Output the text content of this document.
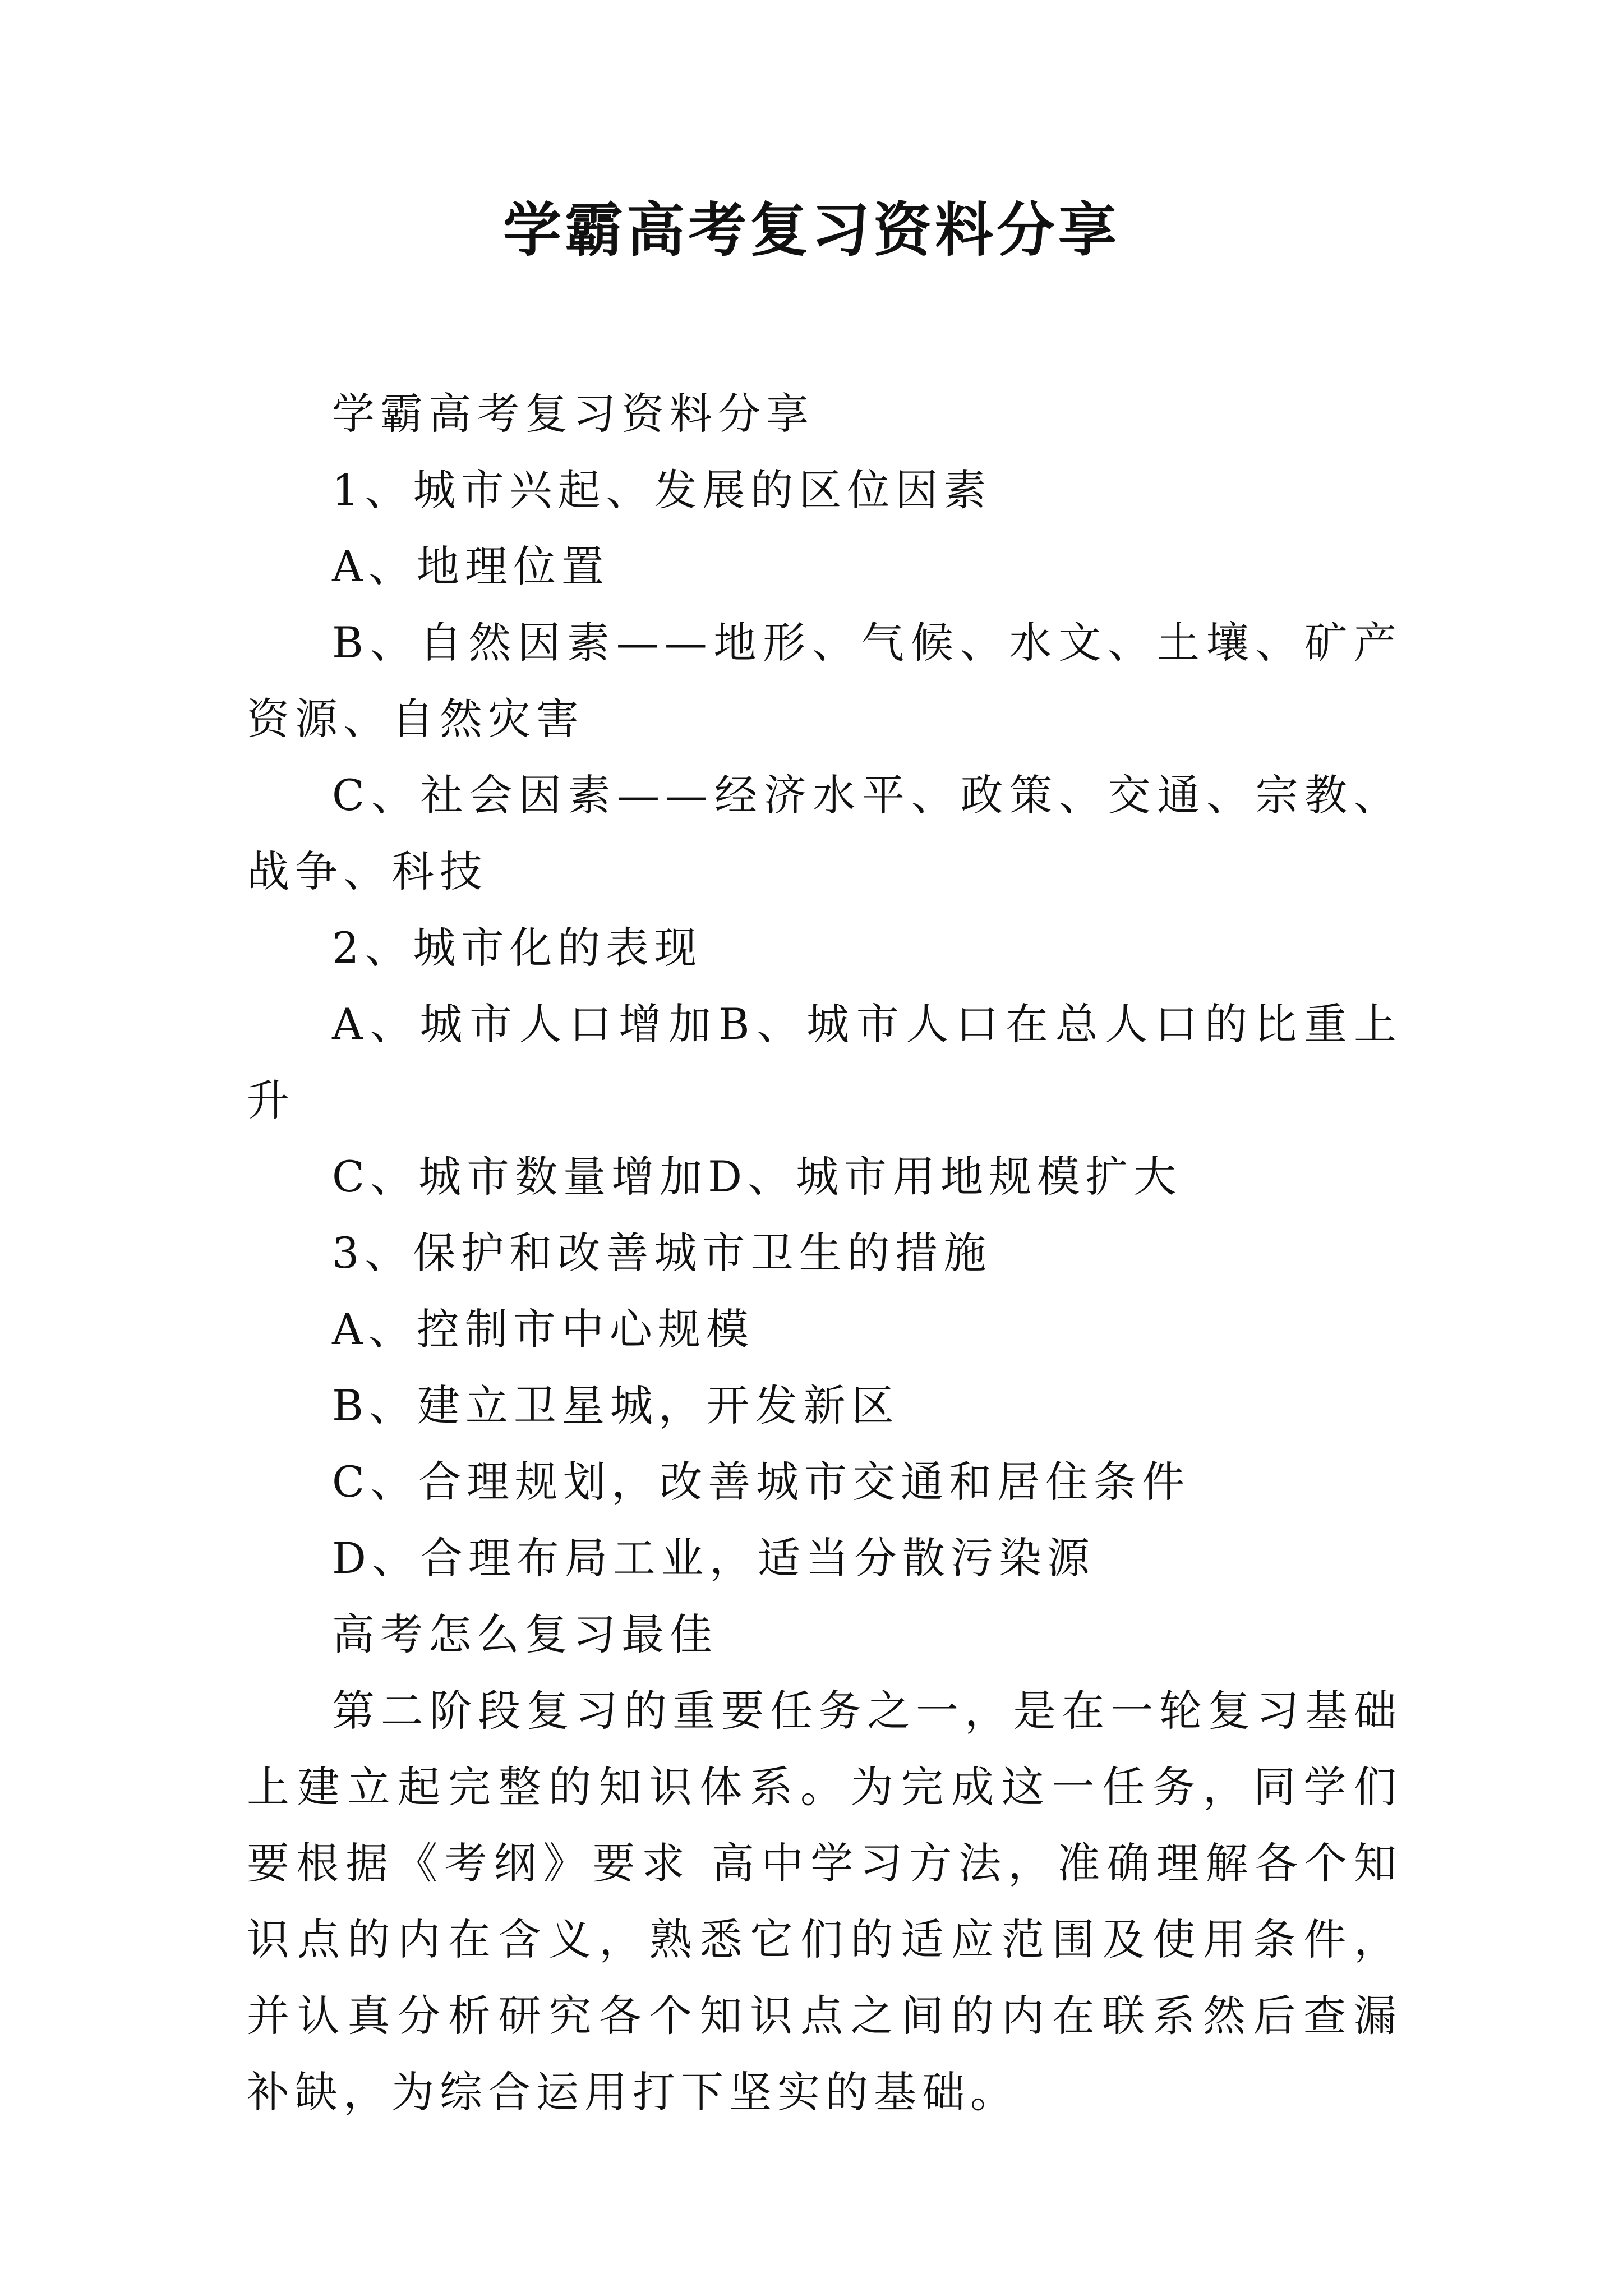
学霸高考复习资料分享

学霸高考复习资料分享

1、城市兴起、发展的区位因素

A、地理位置

B、自然因素——地形、气候、水文、土壤、矿产资源、自然灾害

C、社会因素——经济水平、政策、交通、宗教、战争、科技

2、城市化的表现

A、城市人口增加B、城市人口在总人口的比重上升

C、城市数量增加D、城市用地规模扩大

3、保护和改善城市卫生的措施

A、控制市中心规模

B、建立卫星城，开发新区

C、合理规划，改善城市交通和居住条件

D、合理布局工业，适当分散污染源

高考怎么复习最佳

第二阶段复习的重要任务之一，是在一轮复习基础上建立起完整的知识体系。为完成这一任务，同学们要根据《考纲》要求 高中学习方法，准确理解各个知识点的内在含义，熟悉它们的适应范围及使用条件，并认真分析研究各个知识点之间的内在联系然后查漏补缺，为综合运用打下坚实的基础。
